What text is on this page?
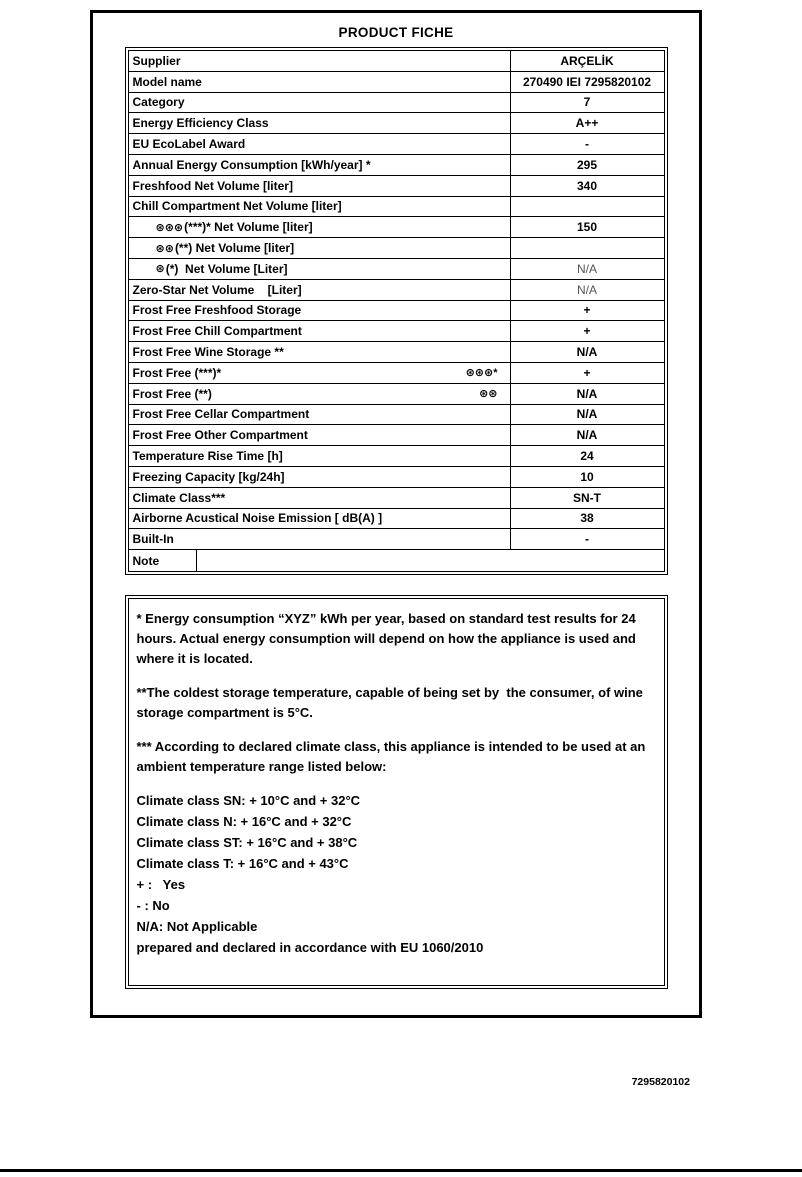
PRODUCT FICHE
Supplier	ARÇELİK
Model name	270490 IEI 7295820102
Category	7
Energy Efficiency Class	A++
EU EcoLabel Award	-
Annual Energy Consumption [kWh/year] *	295
Freshfood Net Volume [liter]	340
Chill Compartment Net Volume [liter]
⊛⊛⊛ (***)* Net Volume [liter]	150
⊛⊛ (**) Net Volume [liter]
⊛ (*)  Net Volume [Liter]	N/A
Zero-Star Net Volume    [Liter]	N/A
Frost Free Freshfood Storage	+
Frost Free Chill Compartment	+
Frost Free Wine Storage **	N/A
Frost Free (***)*	⊛⊛⊛*	+
Frost Free (**)	⊛⊛	N/A
Frost Free Cellar Compartment	N/A
Frost Free Other Compartment	N/A
Temperature Rise Time [h]	24
Freezing Capacity [kg/24h]	10
Climate Class***	SN-T
Airborne Acustical Noise Emission [ dB(A) ]	38
Built-In	-
Note
* Energy consumption “XYZ” kWh per year, based on standard test results for 24 hours. Actual energy consumption will depend on how the appliance is used and where it is located.
**The coldest storage temperature, capable of being set by  the consumer, of wine storage compartment is 5°C.
*** According to declared climate class, this appliance is intended to be used at an ambient temperature range listed below:
Climate class SN: + 10°C and + 32°C
Climate class N: + 16°C and + 32°C
Climate class ST: + 16°C and + 38°C
Climate class T: + 16°C and + 43°C
+ :   Yes
- : No
N/A: Not Applicable
prepared and declared in accordance with EU 1060/2010
7295820102
